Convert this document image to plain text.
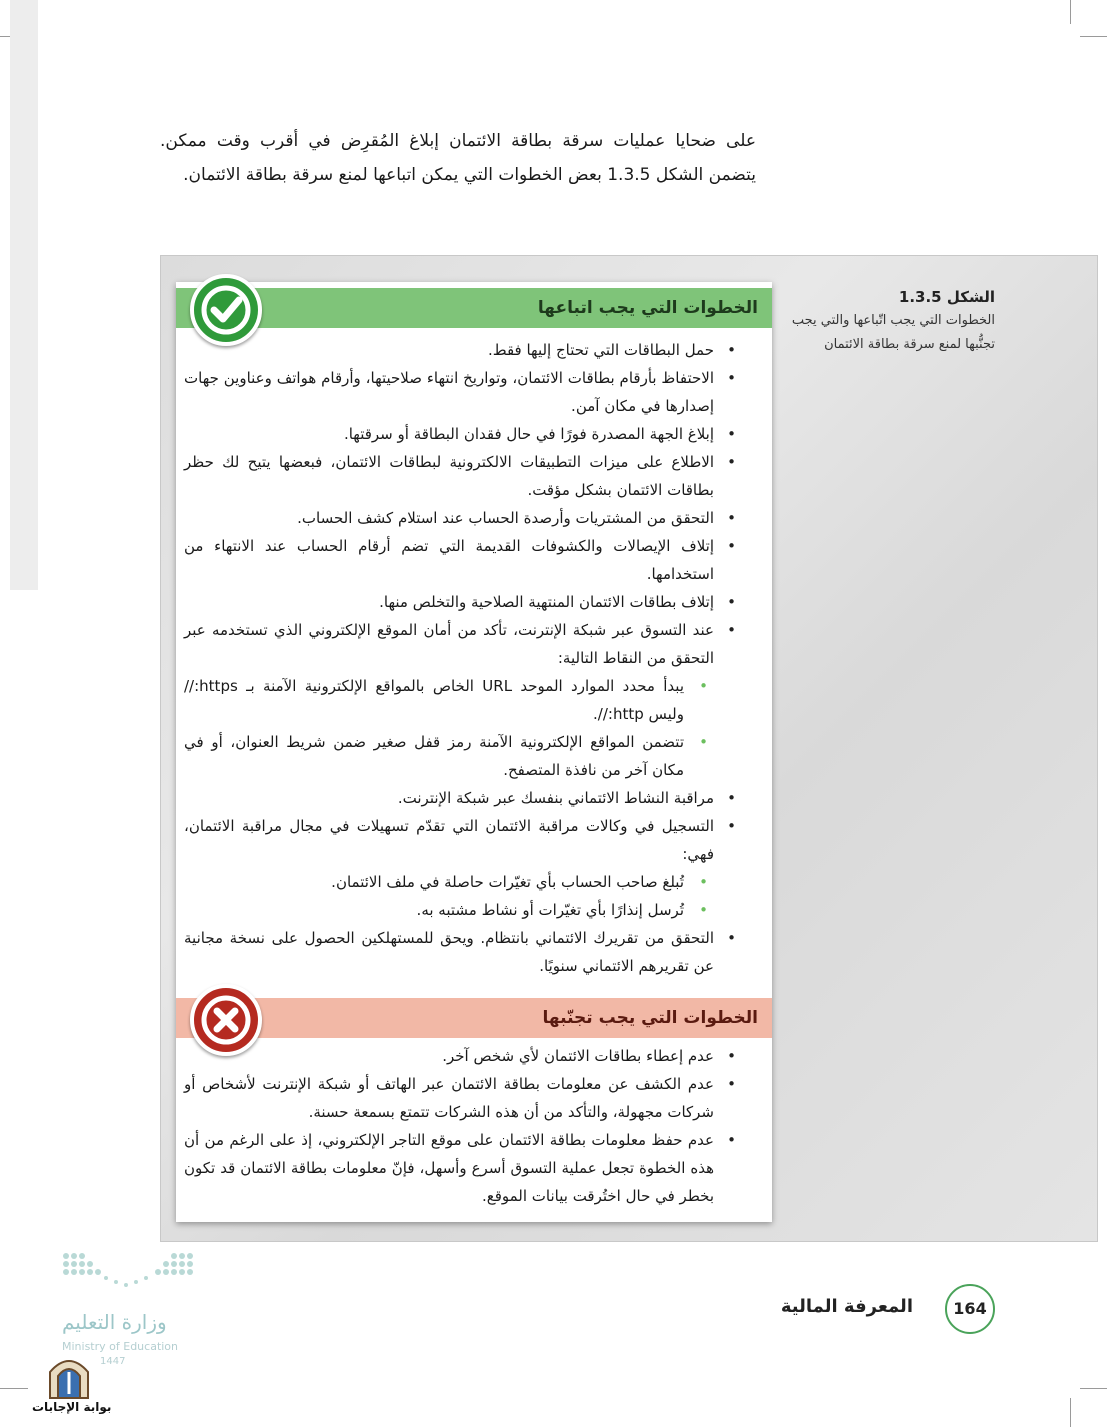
على ضحايا عمليات سرقة بطاقة الائتمان إبلاغ المُقرِض في أقرب وقت ممكن. يتضمن الشكل 1.3.5 بعض الخطوات التي يمكن اتباعها لمنع سرقة بطاقة الائتمان.
الشكل 1.3.5
الخطوات التي يجب اتّباعها والتي يجب تجنُّبها لمنع سرقة بطاقة الائتمان
الخطوات التي يجب اتباعها
حمل البطاقات التي تحتاج إليها فقط. •
الاحتفاظ بأرقام بطاقات الائتمان، وتواريخ انتهاء صلاحيتها، وأرقام هواتف وعناوين جهات إصدارها في مكان آمن. •
إبلاغ الجهة المصدرة فورًا في حال فقدان البطاقة أو سرقتها. •
الاطلاع على ميزات التطبيقات الالكترونية لبطاقات الائتمان، فبعضها يتيح لك حظر بطاقات الائتمان بشكل مؤقت. •
التحقق من المشتريات وأرصدة الحساب عند استلام كشف الحساب. •
إتلاف الإيصالات والكشوفات القديمة التي تضم أرقام الحساب عند الانتهاء من استخدامها. •
إتلاف بطاقات الائتمان المنتهية الصلاحية والتخلص منها. •
عند التسوق عبر شبكة الإنترنت، تأكد من أمان الموقع الإلكتروني الذي تستخدمه عبر التحقق من النقاط التالية: •
يبدأ محدد الموارد الموحد URL الخاص بالمواقع الإلكترونية الآمنة بـ https:// وليس http://. •
تتضمن المواقع الإلكترونية الآمنة رمز قفل صغير ضمن شريط العنوان، أو في مكان آخر من نافذة المتصفح. •
مراقبة النشاط الائتماني بنفسك عبر شبكة الإنترنت. •
التسجيل في وكالات مراقبة الائتمان التي تقدّم تسهيلات في مجال مراقبة الائتمان، فهي: •
تُبلغ صاحب الحساب بأي تغيّرات حاصلة في ملف الائتمان. •
تُرسل إنذارًا بأي تغيّرات أو نشاط مشتبه به. •
التحقق من تقريرك الائتماني بانتظام. ويحق للمستهلكين الحصول على نسخة مجانية عن تقريرهم الائتماني سنويًا. •
الخطوات التي يجب تجنّبها
عدم إعطاء بطاقات الائتمان لأي شخص آخر. •
عدم الكشف عن معلومات بطاقة الائتمان عبر الهاتف أو شبكة الإنترنت لأشخاص أو شركات مجهولة، والتأكد من أن هذه الشركات تتمتع بسمعة حسنة. •
عدم حفظ معلومات بطاقة الائتمان على موقع التاجر الإلكتروني، إذ على الرغم من أن هذه الخطوة تجعل عملية التسوق أسرع وأسهل، فإنّ معلومات بطاقة الائتمان قد تكون بخطر في حال اختُرقت بيانات الموقع. •
المعرفة المالية	164
وزارة التعليم
Ministry of Education
1447
بوابة الإجابات
